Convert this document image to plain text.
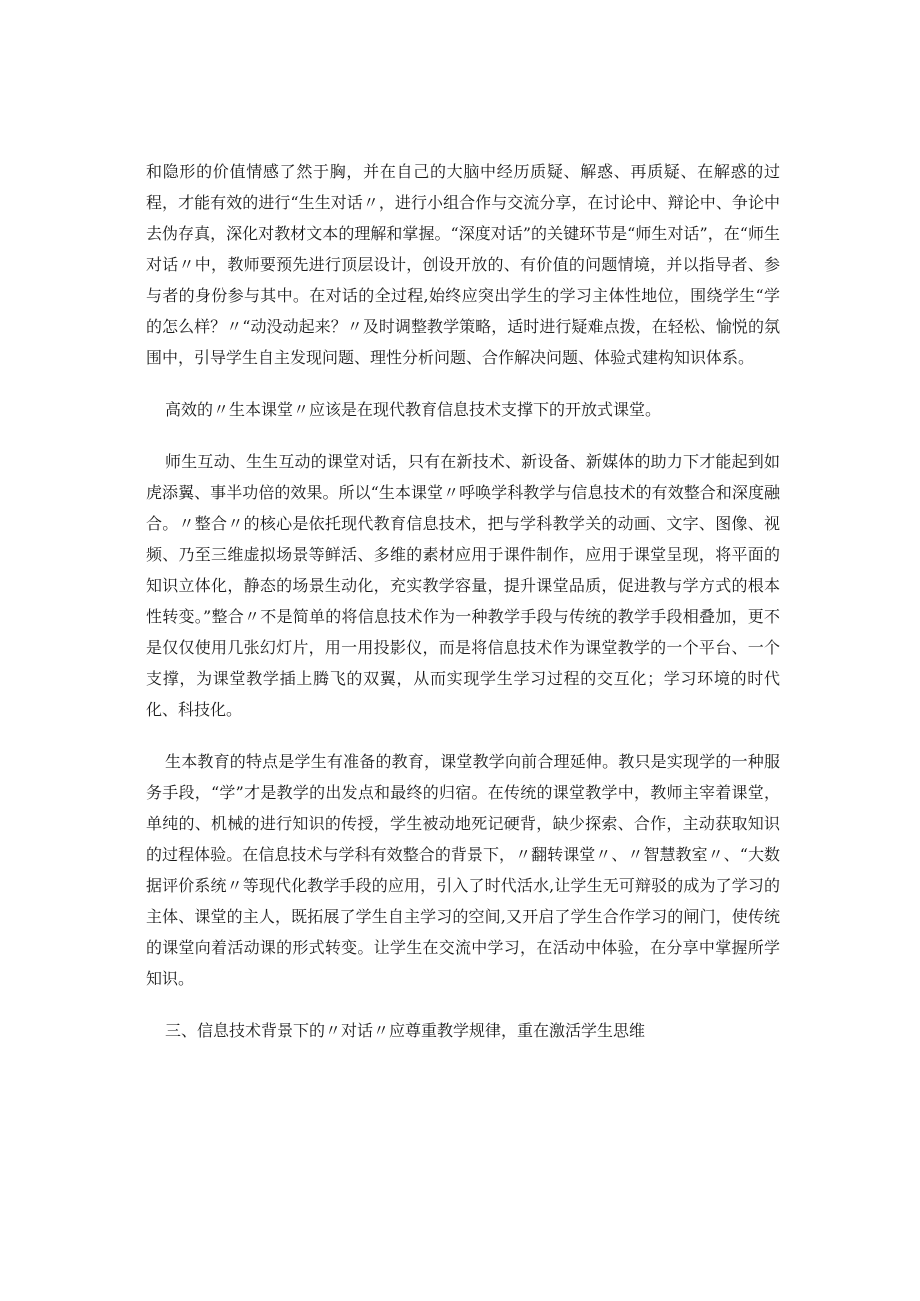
和隐形的价值情感了然于胸，并在自己的大脑中经历质疑、解惑、再质疑、在解惑的过程，才能有效的进行“生生对话〃，进行小组合作与交流分享，在讨论中、辩论中、争论中去伪存真，深化对教材文本的理解和掌握。“深度对话”的关键环节是“师生对话”，在“师生对话〃中，教师要预先进行顶层设计，创设开放的、有价值的问题情境，并以指导者、参与者的身份参与其中。在对话的全过程,始终应突出学生的学习主体性地位，围绕学生“学的怎么样？〃“动没动起来？〃及时调整教学策略，适时进行疑难点拨，在轻松、愉悦的氛围中，引导学生自主发现问题、理性分析问题、合作解决问题、体验式建构知识体系。

高效的〃生本课堂〃应该是在现代教育信息技术支撑下的开放式课堂。

师生互动、生生互动的课堂对话，只有在新技术、新设备、新媒体的助力下才能起到如虎添翼、事半功倍的效果。所以“生本课堂〃呼唤学科教学与信息技术的有效整合和深度融合。〃整合〃的核心是依托现代教育信息技术，把与学科教学关的动画、文字、图像、视频、乃至三维虚拟场景等鲜活、多维的素材应用于课件制作，应用于课堂呈现，将平面的知识立体化，静态的场景生动化，充实教学容量，提升课堂品质，促进教与学方式的根本性转变。”整合〃不是简单的将信息技术作为一种教学手段与传统的教学手段相叠加，更不是仅仅使用几张幻灯片，用一用投影仪，而是将信息技术作为课堂教学的一个平台、一个支撑，为课堂教学插上腾飞的双翼，从而实现学生学习过程的交互化；学习环境的时代化、科技化。

生本教育的特点是学生有准备的教育，课堂教学向前合理延伸。教只是实现学的一种服务手段，“学”才是教学的出发点和最终的归宿。在传统的课堂教学中，教师主宰着课堂，单纯的、机械的进行知识的传授，学生被动地死记硬背，缺少探索、合作，主动获取知识的过程体验。在信息技术与学科有效整合的背景下，〃翻转课堂〃、〃智慧教室〃、“大数据评价系统〃等现代化教学手段的应用，引入了时代活水,让学生无可辩驳的成为了学习的主体、课堂的主人，既拓展了学生自主学习的空间,又开启了学生合作学习的闸门，使传统的课堂向着活动课的形式转变。让学生在交流中学习，在活动中体验，在分享中掌握所学知识。

三、信息技术背景下的〃对话〃应尊重教学规律，重在激活学生思维
